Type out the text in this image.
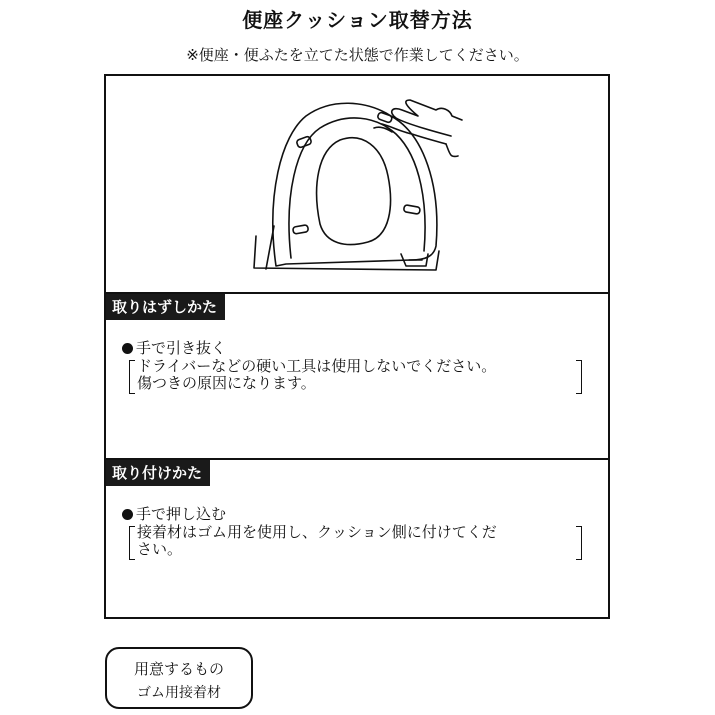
便座クッション取替方法
※便座・便ふたを立てた状態で作業してください。
取りはずしかた
手で引き抜く
ドライバーなどの硬い工具は使用しないでください。
傷つきの原因になります。
取り付けかた
手で押し込む
接着材はゴム用を使用し、クッション側に付けてくだ
さい。
用意するもの
ゴム用接着材
